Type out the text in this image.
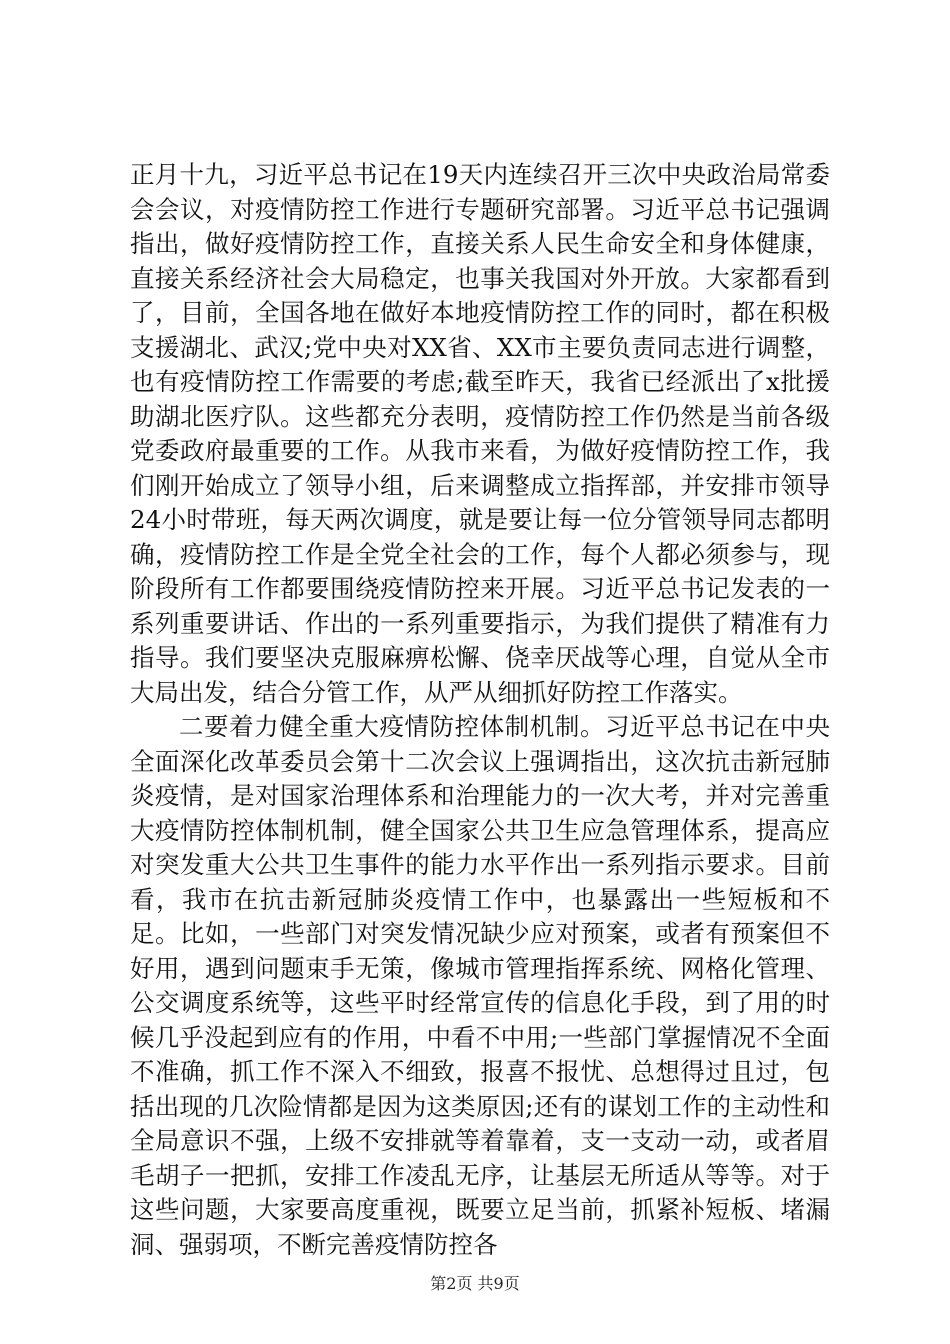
正月十九，习近平总书记在19天内连续召开三次中央政治局常委会会议，对疫情防控工作进行专题研究部署。习近平总书记强调指出，做好疫情防控工作，直接关系人民生命安全和身体健康，直接关系经济社会大局稳定，也事关我国对外开放。大家都看到了，目前，全国各地在做好本地疫情防控工作的同时，都在积极支援湖北、武汉;党中央对XX省、XX市主要负责同志进行调整，也有疫情防控工作需要的考虑;截至昨天，我省已经派出了x批援助湖北医疗队。这些都充分表明，疫情防控工作仍然是当前各级党委政府最重要的工作。从我市来看，为做好疫情防控工作，我们刚开始成立了领导小组，后来调整成立指挥部，并安排市领导24小时带班，每天两次调度，就是要让每一位分管领导同志都明确，疫情防控工作是全党全社会的工作，每个人都必须参与，现阶段所有工作都要围绕疫情防控来开展。习近平总书记发表的一系列重要讲话、作出的一系列重要指示，为我们提供了精准有力指导。我们要坚决克服麻痹松懈、侥幸厌战等心理，自觉从全市大局出发，结合分管工作，从严从细抓好防控工作落实。

二要着力健全重大疫情防控体制机制。习近平总书记在中央全面深化改革委员会第十二次会议上强调指出，这次抗击新冠肺炎疫情，是对国家治理体系和治理能力的一次大考，并对完善重大疫情防控体制机制，健全国家公共卫生应急管理体系，提高应对突发重大公共卫生事件的能力水平作出一系列指示要求。目前看，我市在抗击新冠肺炎疫情工作中，也暴露出一些短板和不足。比如，一些部门对突发情况缺少应对预案，或者有预案但不好用，遇到问题束手无策，像城市管理指挥系统、网格化管理、公交调度系统等，这些平时经常宣传的信息化手段，到了用的时候几乎没起到应有的作用，中看不中用;一些部门掌握情况不全面不准确，抓工作不深入不细致，报喜不报忧、总想得过且过，包括出现的几次险情都是因为这类原因;还有的谋划工作的主动性和全局意识不强，上级不安排就等着靠着，支一支动一动，或者眉毛胡子一把抓，安排工作凌乱无序，让基层无所适从等等。对于这些问题，大家要高度重视，既要立足当前，抓紧补短板、堵漏洞、强弱项，不断完善疫情防控各

第2页 共9页
